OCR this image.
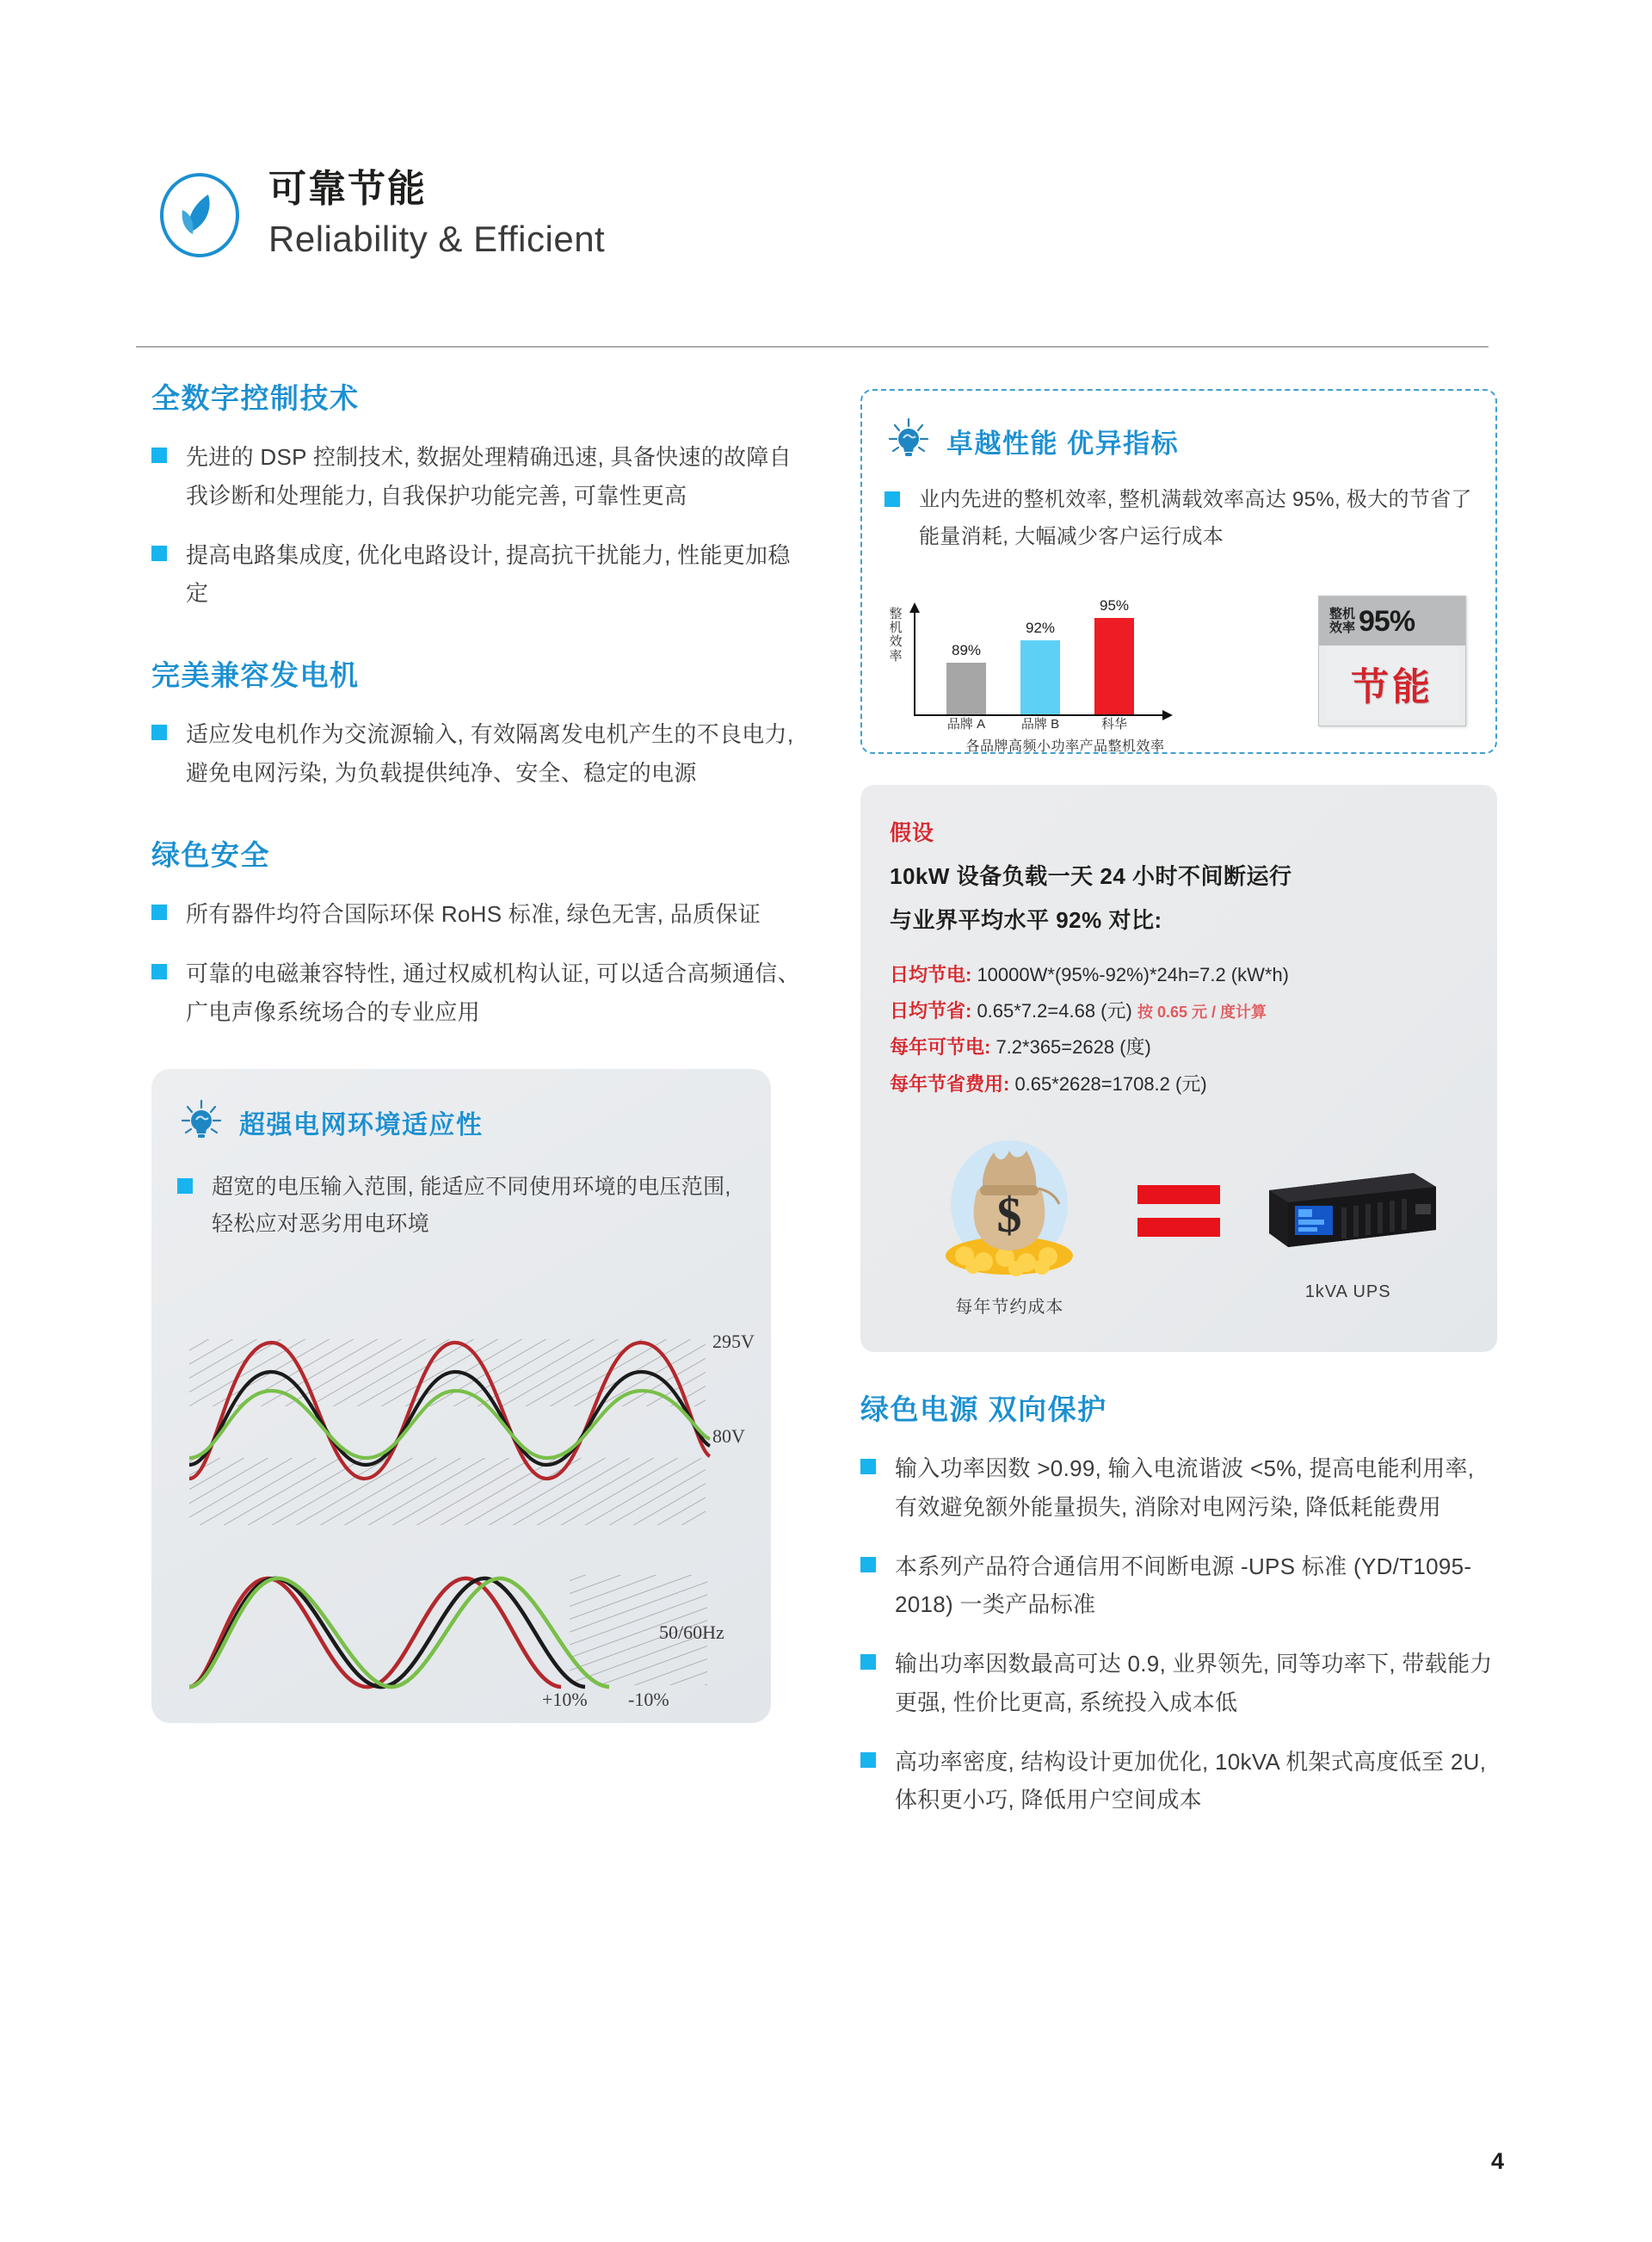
可靠节能
Reliability & Efficient
全数字控制技术
先进的 DSP 控制技术, 数据处理精确迅速, 具备快速的故障自我诊断和处理能力, 自我保护功能完善, 可靠性更高
提高电路集成度, 优化电路设计, 提高抗干扰能力, 性能更加稳定
完美兼容发电机
适应发电机作为交流源输入, 有效隔离发电机产生的不良电力, 避免电网污染, 为负载提供纯净、安全、稳定的电源
绿色安全
所有器件均符合国际环保 RoHS 标准, 绿色无害, 品质保证
可靠的电磁兼容特性, 通过权威机构认证, 可以适合高频通信、广电声像系统场合的专业应用
超强电网环境适应性
超宽的电压输入范围, 能适应不同使用环境的电压范围, 轻松应对恶劣用电环境
295V
80V
50/60Hz
+10% -10%
卓越性能 优异指标
业内先进的整机效率, 整机满载效率高达 95%, 极大的节省了能量消耗, 大幅减少客户运行成本
整机效率	89%
92%
95%
品牌 A	品牌 B	科华
各品牌高频小功率产品整机效率
整机
效率 95%
节能
假设
10kW 设备负载一天 24 小时不间断运行
与业界平均水平 92% 对比:
日均节电: 10000W*(95%-92%)*24h=7.2 (kW*h)
日均节省: 0.65*7.2=4.68 (元) 按 0.65 元 / 度计算
每年可节电: 7.2*365=2628 (度)
每年节省费用: 0.65*2628=1708.2 (元)
$
每年节约成本
1kVA UPS
绿色电源 双向保护
输入功率因数 >0.99, 输入电流谐波 <5%, 提高电能利用率, 有效避免额外能量损失, 消除对电网污染, 降低耗能费用
本系列产品符合通信用不间断电源 -UPS 标准 (YD/T1095-2018) 一类产品标准
输出功率因数最高可达 0.9, 业界领先, 同等功率下, 带载能力更强, 性价比更高, 系统投入成本低
高功率密度, 结构设计更加优化, 10kVA 机架式高度低至 2U, 体积更小巧, 降低用户空间成本
4
